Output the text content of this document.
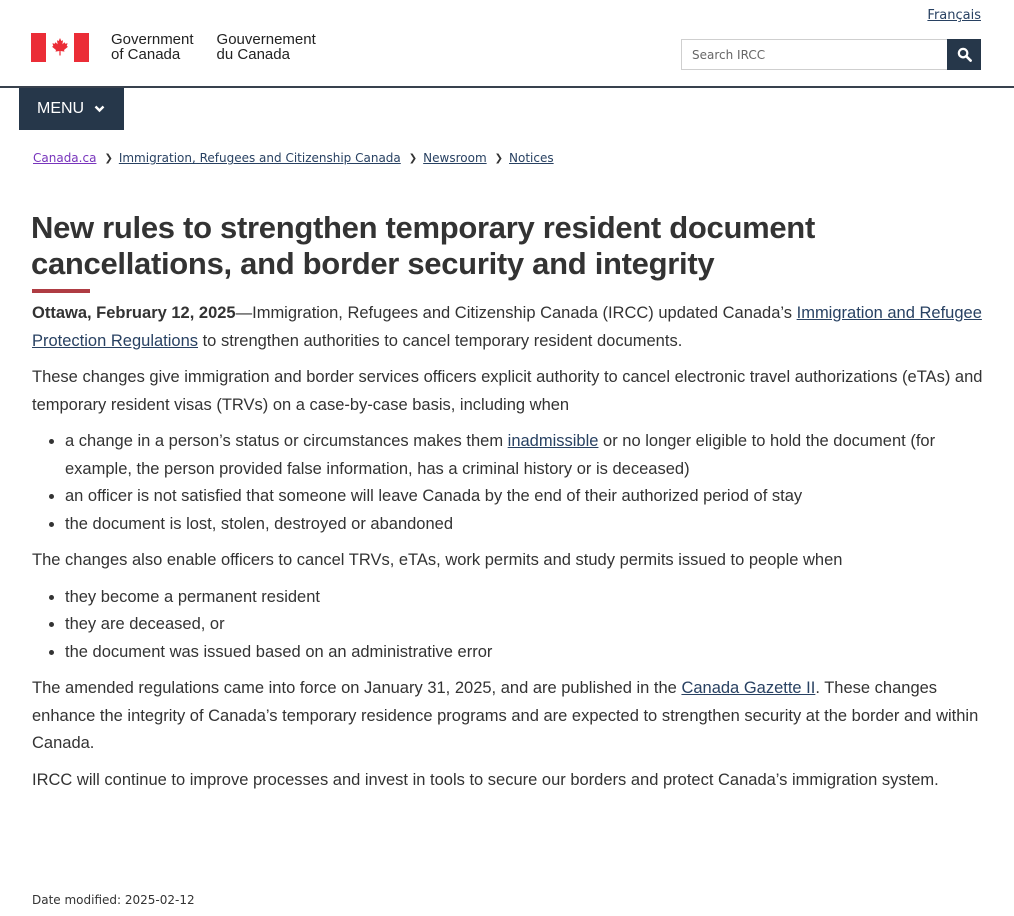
Français
Government
of Canada
Gouvernement
du Canada
Search IRCC
MENU
Canada.ca ❯ Immigration, Refugees and Citizenship Canada ❯ Newsroom ❯ Notices
New rules to strengthen temporary resident document cancellations, and border security and integrity

Ottawa, February 12, 2025—Immigration, Refugees and Citizenship Canada (IRCC) updated Canada’s Immigration and Refugee Protection Regulations to strengthen authorities to cancel temporary resident documents.

These changes give immigration and border services officers explicit authority to cancel electronic travel authorizations (eTAs) and temporary resident visas (TRVs) on a case-by-case basis, including when

• a change in a person’s status or circumstances makes them inadmissible or no longer eligible to hold the document (for example, the person provided false information, has a criminal history or is deceased)
• an officer is not satisfied that someone will leave Canada by the end of their authorized period of stay
• the document is lost, stolen, destroyed or abandoned

The changes also enable officers to cancel TRVs, eTAs, work permits and study permits issued to people when

• they become a permanent resident
• they are deceased, or
• the document was issued based on an administrative error

The amended regulations came into force on January 31, 2025, and are published in the Canada Gazette II. These changes enhance the integrity of Canada’s temporary residence programs and are expected to strengthen security at the border and within Canada.

IRCC will continue to improve processes and invest in tools to secure our borders and protect Canada’s immigration system.

Date modified: 2025-02-12
